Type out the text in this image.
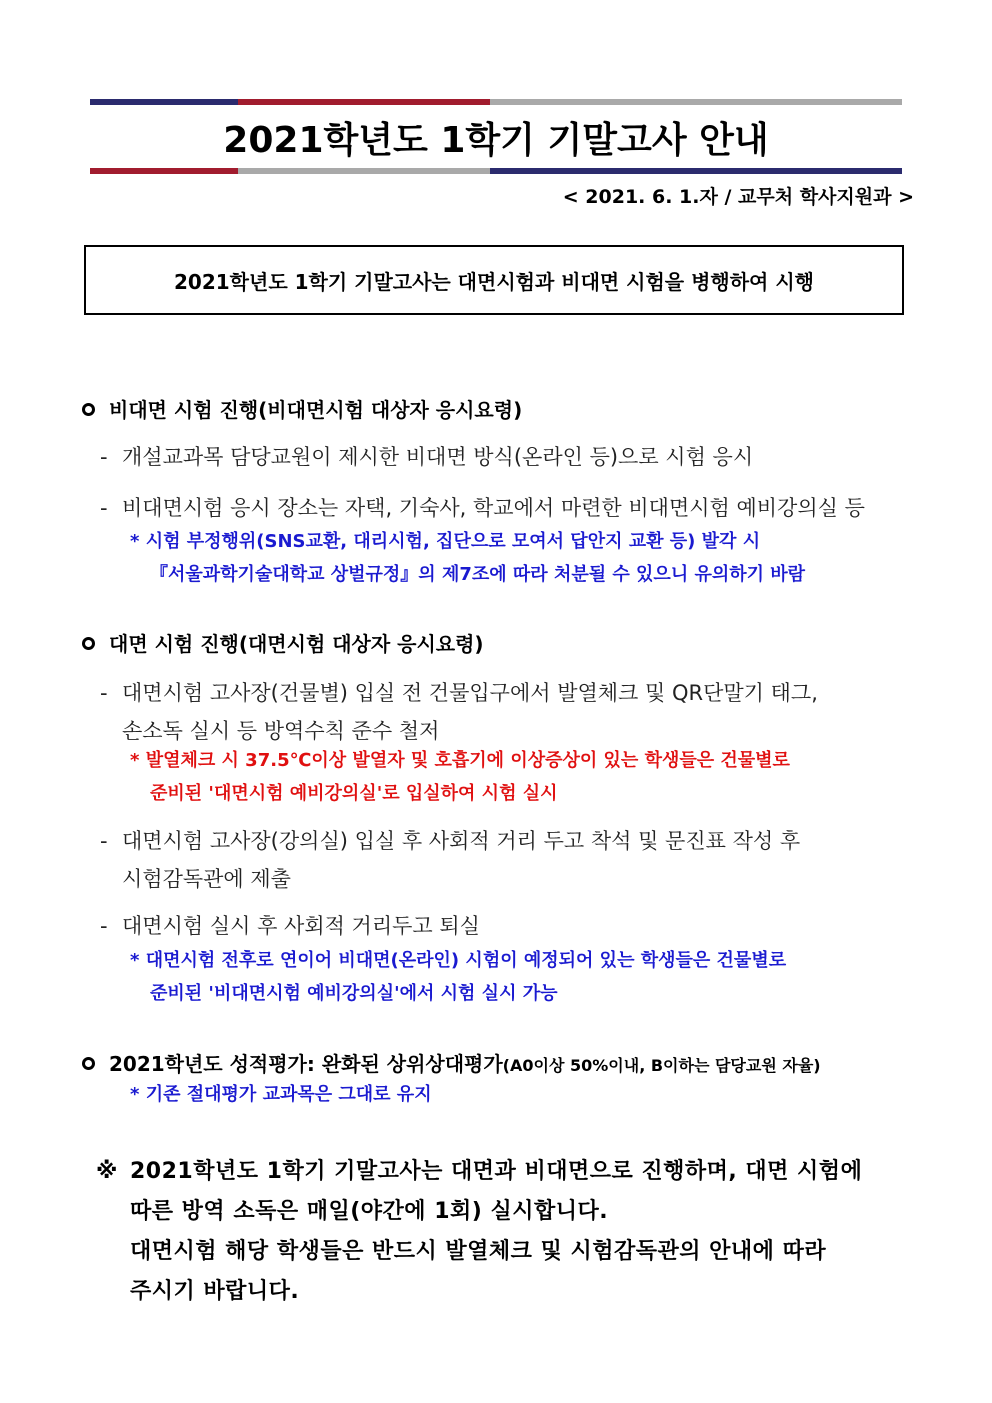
2021학년도 1학기 기말고사 안내
< 2021. 6. 1.자 / 교무처 학사지원과 >
2021학년도 1학기 기말고사는 대면시험과 비대면 시험을 병행하여 시행
비대면 시험 진행(비대면시험 대상자 응시요령)
- 개설교과목 담당교원이 제시한 비대면 방식(온라인 등)으로 시험 응시
- 비대면시험 응시 장소는 자택, 기숙사, 학교에서 마련한 비대면시험 예비강의실 등
* 시험 부정행위(SNS교환, 대리시험, 집단으로 모여서 답안지 교환 등) 발각 시
『서울과학기술대학교 상벌규정』의 제7조에 따라 처분될 수 있으니 유의하기 바람
대면 시험 진행(대면시험 대상자 응시요령)
- 대면시험 고사장(건물별) 입실 전 건물입구에서 발열체크 및 QR단말기 태그,
손소독 실시 등 방역수칙 준수 철저
* 발열체크 시 37.5℃이상 발열자 및 호흡기에 이상증상이 있는 학생들은 건물별로
준비된 '대면시험 예비강의실'로 입실하여 시험 실시
- 대면시험 고사장(강의실) 입실 후 사회적 거리 두고 착석 및 문진표 작성 후
시험감독관에 제출
- 대면시험 실시 후 사회적 거리두고 퇴실
* 대면시험 전후로 연이어 비대면(온라인) 시험이 예정되어 있는 학생들은 건물별로
준비된 '비대면시험 예비강의실'에서 시험 실시 가능
2021학년도 성적평가: 완화된 상위상대평가(A0이상 50%이내, B이하는 담당교원 자율)
* 기존 절대평가 교과목은 그대로 유지
※ 2021학년도 1학기 기말고사는 대면과 비대면으로 진행하며, 대면 시험에
따른 방역 소독은 매일(야간에 1회) 실시합니다.
대면시험 해당 학생들은 반드시 발열체크 및 시험감독관의 안내에 따라
주시기 바랍니다.
